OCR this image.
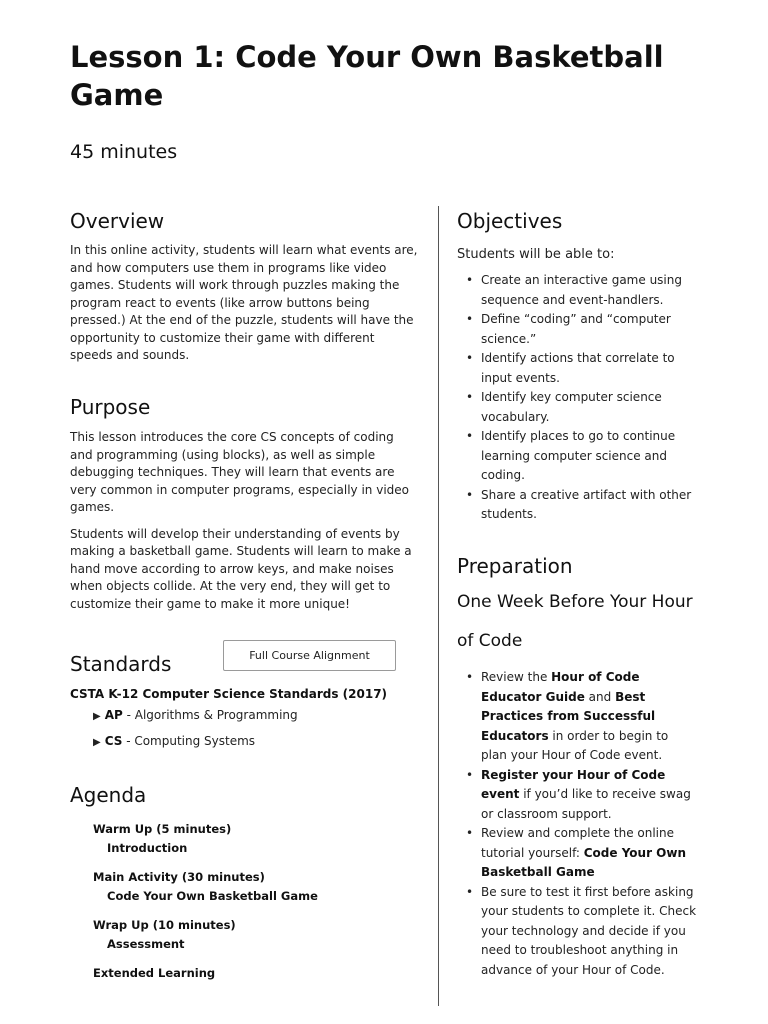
Lesson 1: Code Your Own Basketball Game

45 minutes

Overview

In this online activity, students will learn what events are, and how computers use them in programs like video games. Students will work through puzzles making the program react to events (like arrow buttons being pressed.) At the end of the puzzle, students will have the opportunity to customize their game with different speeds and sounds.

Purpose

This lesson introduces the core CS concepts of coding and programming (using blocks), as well as simple debugging techniques. They will learn that events are very common in computer programs, especially in video games.

Students will develop their understanding of events by making a basketball game. Students will learn to make a hand move according to arrow keys, and make noises when objects collide. At the very end, they will get to customize their game to make it more unique!

Standards

CSTA K-12 Computer Science Standards (2017)

▶ AP - Algorithms & Programming

▶ CS - Computing Systems

Agenda

Warm Up (5 minutes)

Introduction

Main Activity (30 minutes)

Code Your Own Basketball Game

Wrap Up (10 minutes)

Assessment

Extended Learning

Full Course Alignment
Objectives

Students will be able to:

• Create an interactive game using sequence and event-handlers.
• Define “coding” and “computer science.”
• Identify actions that correlate to input events.
• Identify key computer science vocabulary.
• Identify places to go to continue learning computer science and coding.
• Share a creative artifact with other students.
Preparation

One Week Before Your Hour of Code

• Review the Hour of Code Educator Guide and Best Practices from Successful Educators in order to begin to plan your Hour of Code event.
• Register your Hour of Code event if you’d like to receive swag or classroom support.
• Review and complete the online tutorial yourself: Code Your Own Basketball Game
• Be sure to test it first before asking your students to complete it. Check your technology and decide if you need to troubleshoot anything in advance of your Hour of Code.
